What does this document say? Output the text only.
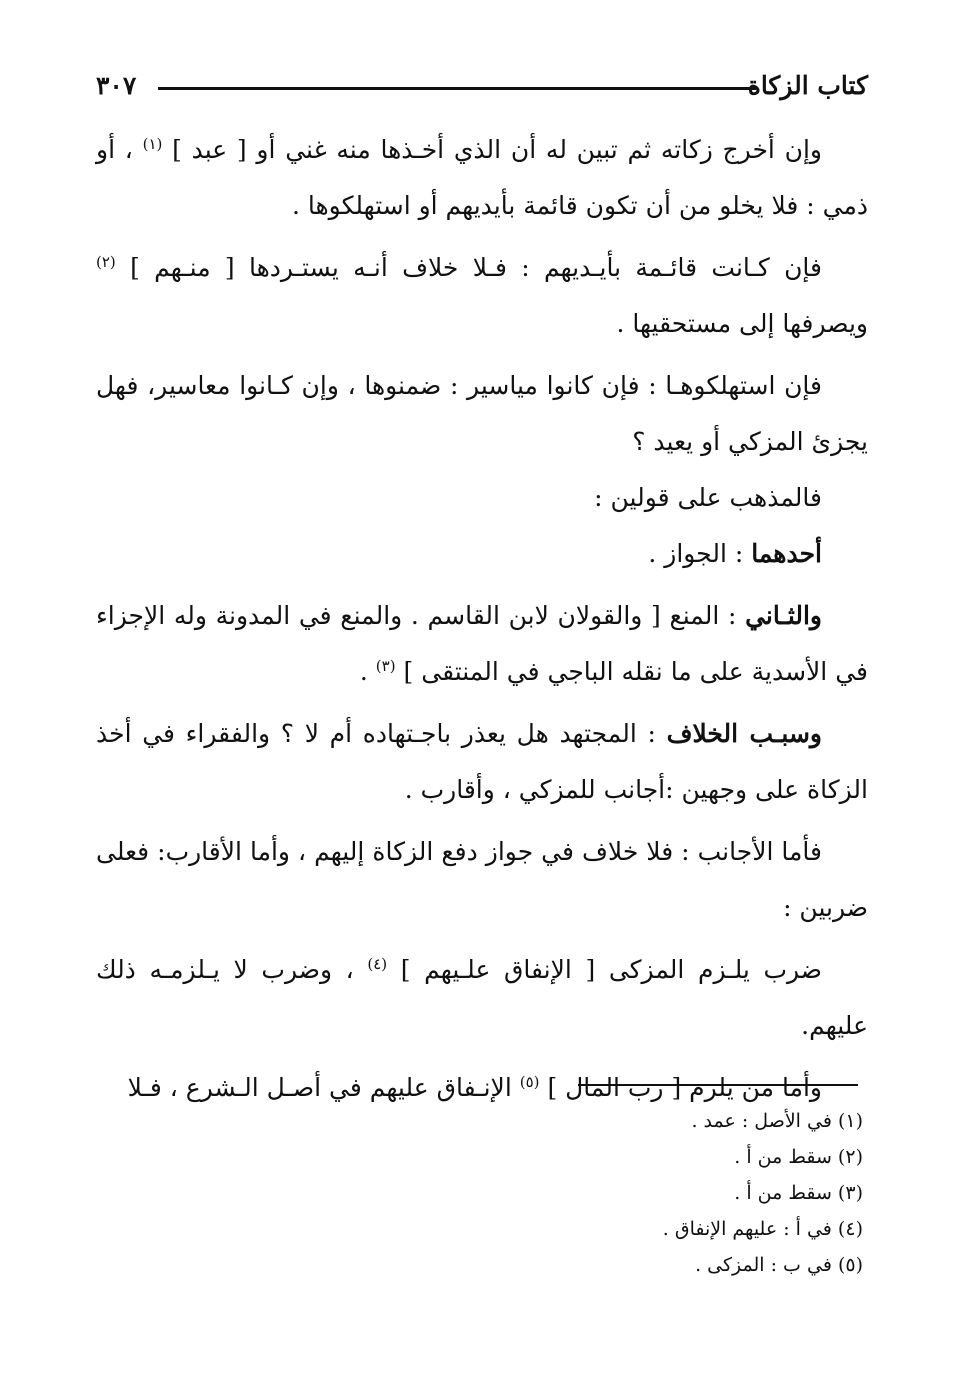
كتاب الزكاة
٣٠٧

وإن أخرج زكاته ثم تبين له أن الذي أخـذها منه غني أو [ عبد ] $^{(١)}$ ، أو ذمي : فلا يخلو من أن تكون قائمة بأيديهم أو استهلكوها .

فإن كـانت قائـمة بأيـديهم : فـلا خلاف أنـه يستـردها [ منـهم ] $^{(٢)}$ ويصرفها إلى مستحقيها .

فإن استهلكوهـا : فإن كانوا مياسير : ضمنوها ، وإن كـانوا معاسير، فهل يجزئ المزكي أو يعيد ؟

فالمذهب على قولين :

أحدهما : الجواز .

والثـاني : المنع [ والقولان لابن القاسم . والمنع في المدونة وله الإجزاء في الأسدية على ما نقله الباجي في المنتقى ] $^{(٣)}$ .

وسبـب الخلاف : المجتهد هل يعذر باجـتهاده أم لا ؟ والفقراء في أخذ الزكاة على وجهين :أجانب للمزكي ، وأقارب .

فأما الأجانب : فلا خلاف في جواز دفع الزكاة إليهم ، وأما الأقارب: فعلى ضربين :

ضرب يلـزم المزكى [ الإنفاق علـيهم ] $^{(٤)}$ ، وضرب لا يـلزمـه ذلك عليهم.

وأما من يلزم [ رب المال ] $^{(٥)}$ الإنـفاق عليهم في أصـل الـشرع ، فـلا

(١) في الأصل : عمد .

(٢) سقط من أ .

(٣) سقط من أ .

(٤) في أ : عليهم الإنفاق .

(٥) في ب : المزكى .
